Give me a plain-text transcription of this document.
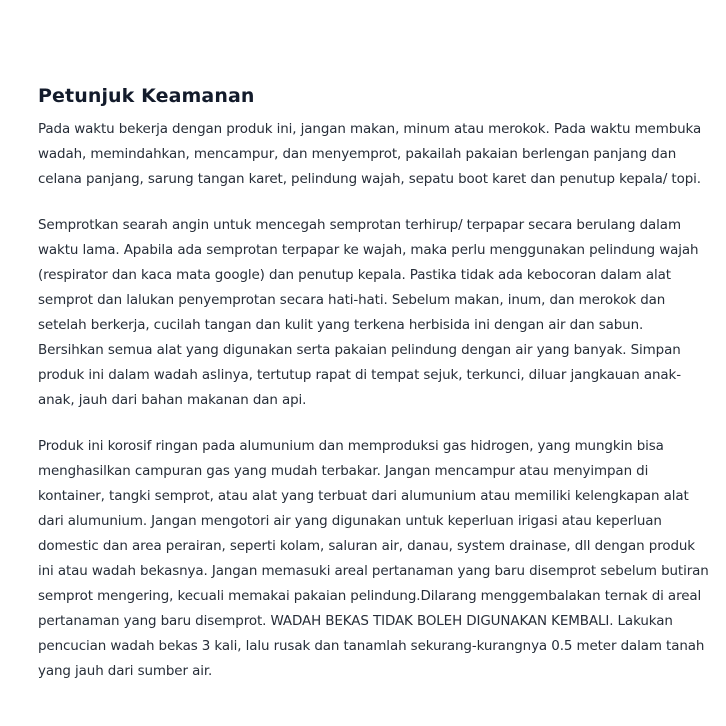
Petunjuk Keamanan

Pada waktu bekerja dengan produk ini, jangan makan, minum atau merokok. Pada waktu membuka wadah, memindahkan, mencampur, dan menyemprot, pakailah pakaian berlengan panjang dan celana panjang, sarung tangan karet, pelindung wajah, sepatu boot karet dan penutup kepala/ topi.

Semprotkan searah angin untuk mencegah semprotan terhirup/ terpapar secara berulang dalam waktu lama. Apabila ada semprotan terpapar ke wajah, maka perlu menggunakan pelindung wajah (respirator dan kaca mata google) dan penutup kepala. Pastika tidak ada kebocoran dalam alat semprot dan lalukan penyemprotan secara hati-hati. Sebelum makan, inum, dan merokok dan setelah berkerja, cucilah tangan dan kulit yang terkena herbisida ini dengan air dan sabun. Bersihkan semua alat yang digunakan serta pakaian pelindung dengan air yang banyak. Simpan produk ini dalam wadah aslinya, tertutup rapat di tempat sejuk, terkunci, diluar jangkauan anak-anak, jauh dari bahan makanan dan api.

Produk ini korosif ringan pada alumunium dan memproduksi gas hidrogen, yang mungkin bisa menghasilkan campuran gas yang mudah terbakar. Jangan mencampur atau menyimpan di kontainer, tangki semprot, atau alat yang terbuat dari alumunium atau memiliki kelengkapan alat dari alumunium. Jangan mengotori air yang digunakan untuk keperluan irigasi atau keperluan domestic dan area perairan, seperti kolam, saluran air, danau, system drainase, dll dengan produk ini atau wadah bekasnya. Jangan memasuki areal pertanaman yang baru disemprot sebelum butiran semprot mengering, kecuali memakai pakaian pelindung.Dilarang menggembalakan ternak di areal pertanaman yang baru disemprot. WADAH BEKAS TIDAK BOLEH DIGUNAKAN KEMBALI. Lakukan pencucian wadah bekas 3 kali, lalu rusak dan tanamlah sekurang-kurangnya 0.5 meter dalam tanah yang jauh dari sumber air.
